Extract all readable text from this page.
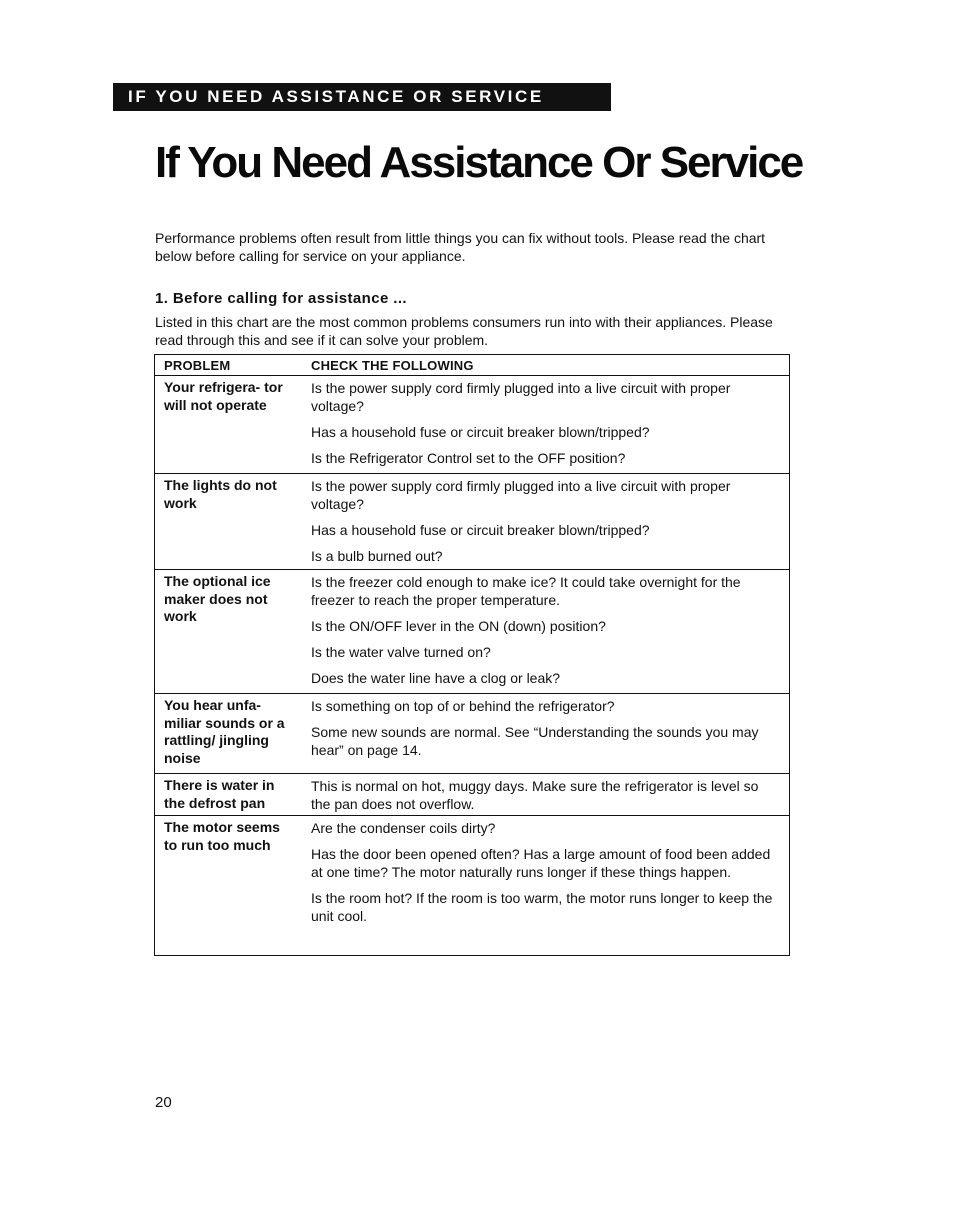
IF YOU NEED ASSISTANCE OR SERVICE
If You Need Assistance Or Service

Performance problems often result from little things you can fix without tools. Please read the chart below before calling for service on your appliance.

1. Before calling for assistance ...

Listed in this chart are the most common problems consumers run into with their appliances. Please read through this and see if it can solve your problem.

PROBLEM	CHECK THE FOLLOWING
Your refrigera- tor will not operate

Is the power supply cord firmly plugged into a live circuit with proper voltage?

Has a household fuse or circuit breaker blown/tripped?

Is the Refrigerator Control set to the OFF position?

The lights do not work

Is the power supply cord firmly plugged into a live circuit with proper voltage?

Has a household fuse or circuit breaker blown/tripped?

Is a bulb burned out?

The optional ice maker does not work

Is the freezer cold enough to make ice? It could take overnight for the freezer to reach the proper temperature.

Is the ON/OFF lever in the ON (down) position?

Is the water valve turned on?

Does the water line have a clog or leak?

You hear unfa- miliar sounds or a rattling/ jingling noise

Is something on top of or behind the refrigerator?

Some new sounds are normal. See “Understanding the sounds you may hear” on page 14.

There is water in the defrost pan

This is normal on hot, muggy days. Make sure the refrigerator is level so the pan does not overflow.

The motor seems to run too much

Are the condenser coils dirty?

Has the door been opened often? Has a large amount of food been added at one time? The motor naturally runs longer if these things happen.

Is the room hot? If the room is too warm, the motor runs longer to keep the unit cool.

20
